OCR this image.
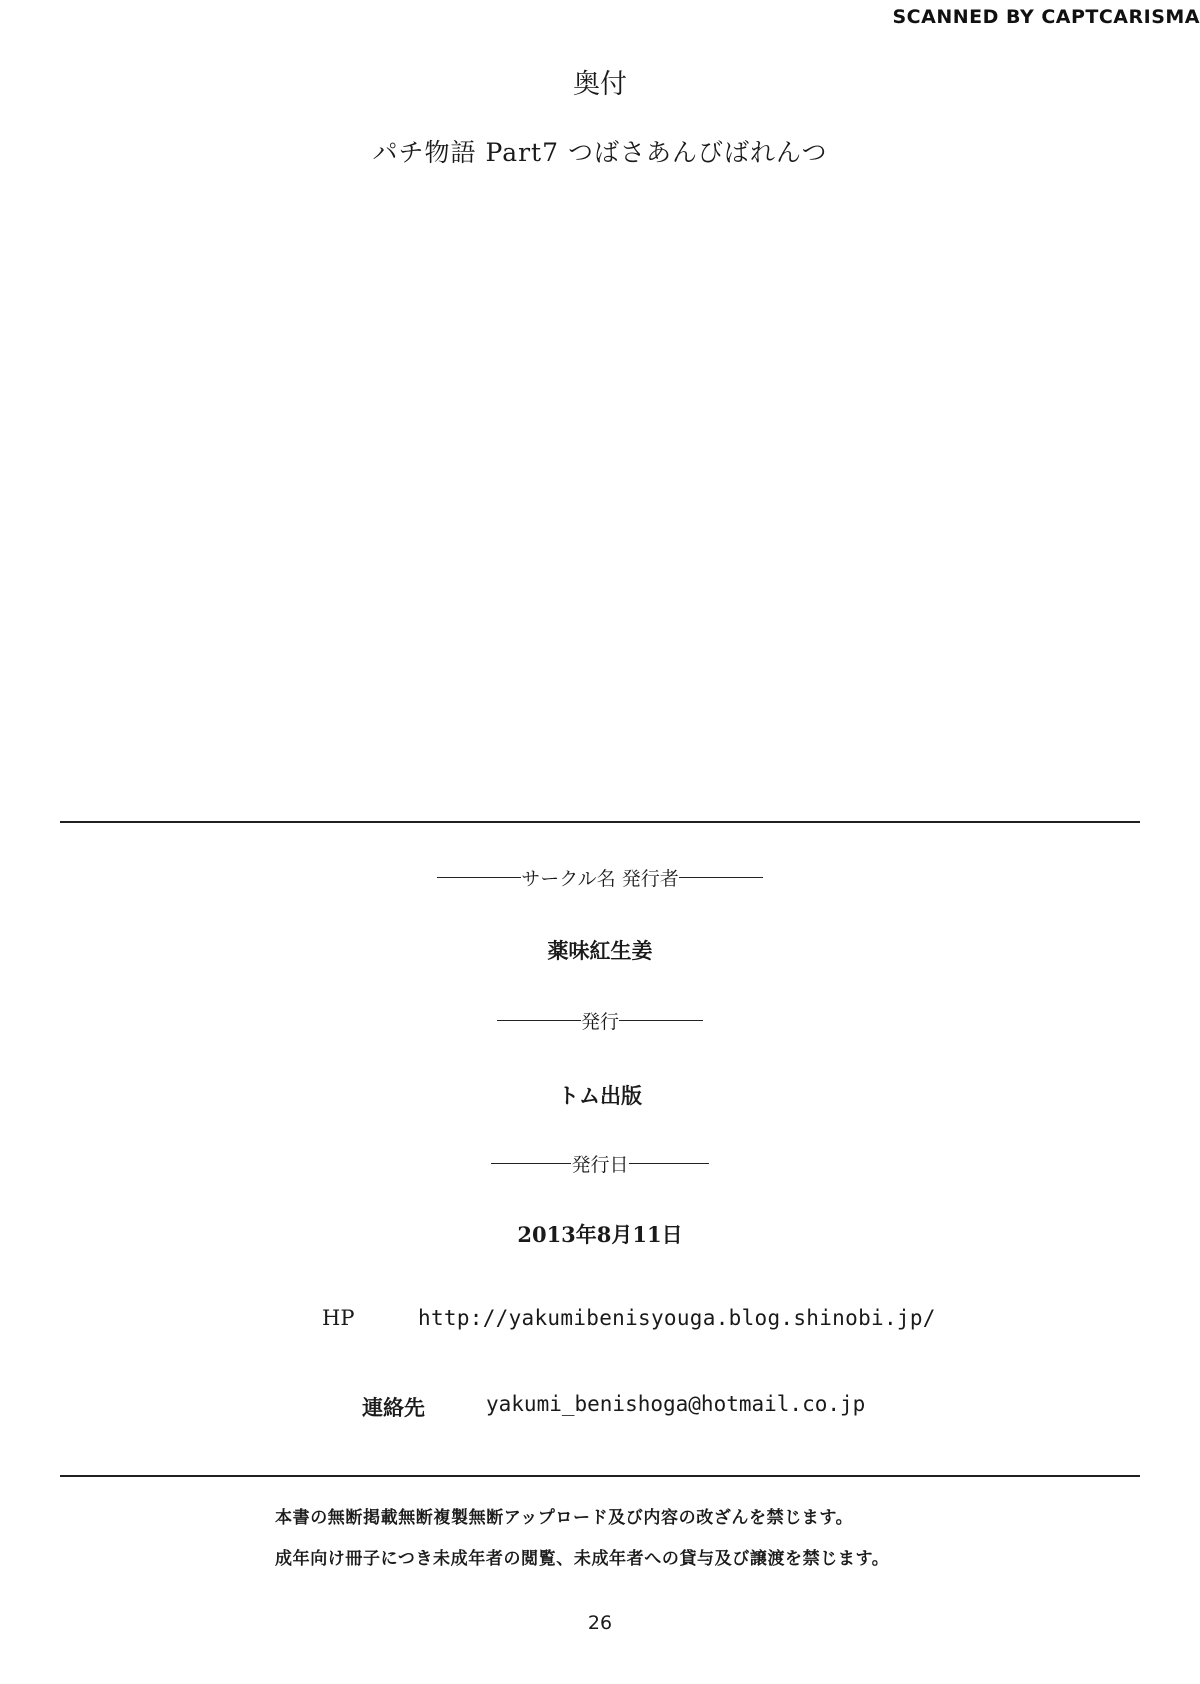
SCANNED BY CAPTCARISMA
奥付
パチ物語 Part7 つばさあんびばれんつ
サークル名 発行者
薬味紅生姜
発行
トム出版
発行日
2013年8月11日
HP	http://yakumibenisyouga.blog.shinobi.jp/
連絡先	yakumi_benishoga@hotmail.co.jp
本書の無断掲載無断複製無断アップロード及び内容の改ざんを禁じます。
成年向け冊子につき未成年者の閲覧、未成年者への貸与及び譲渡を禁じます。
26
